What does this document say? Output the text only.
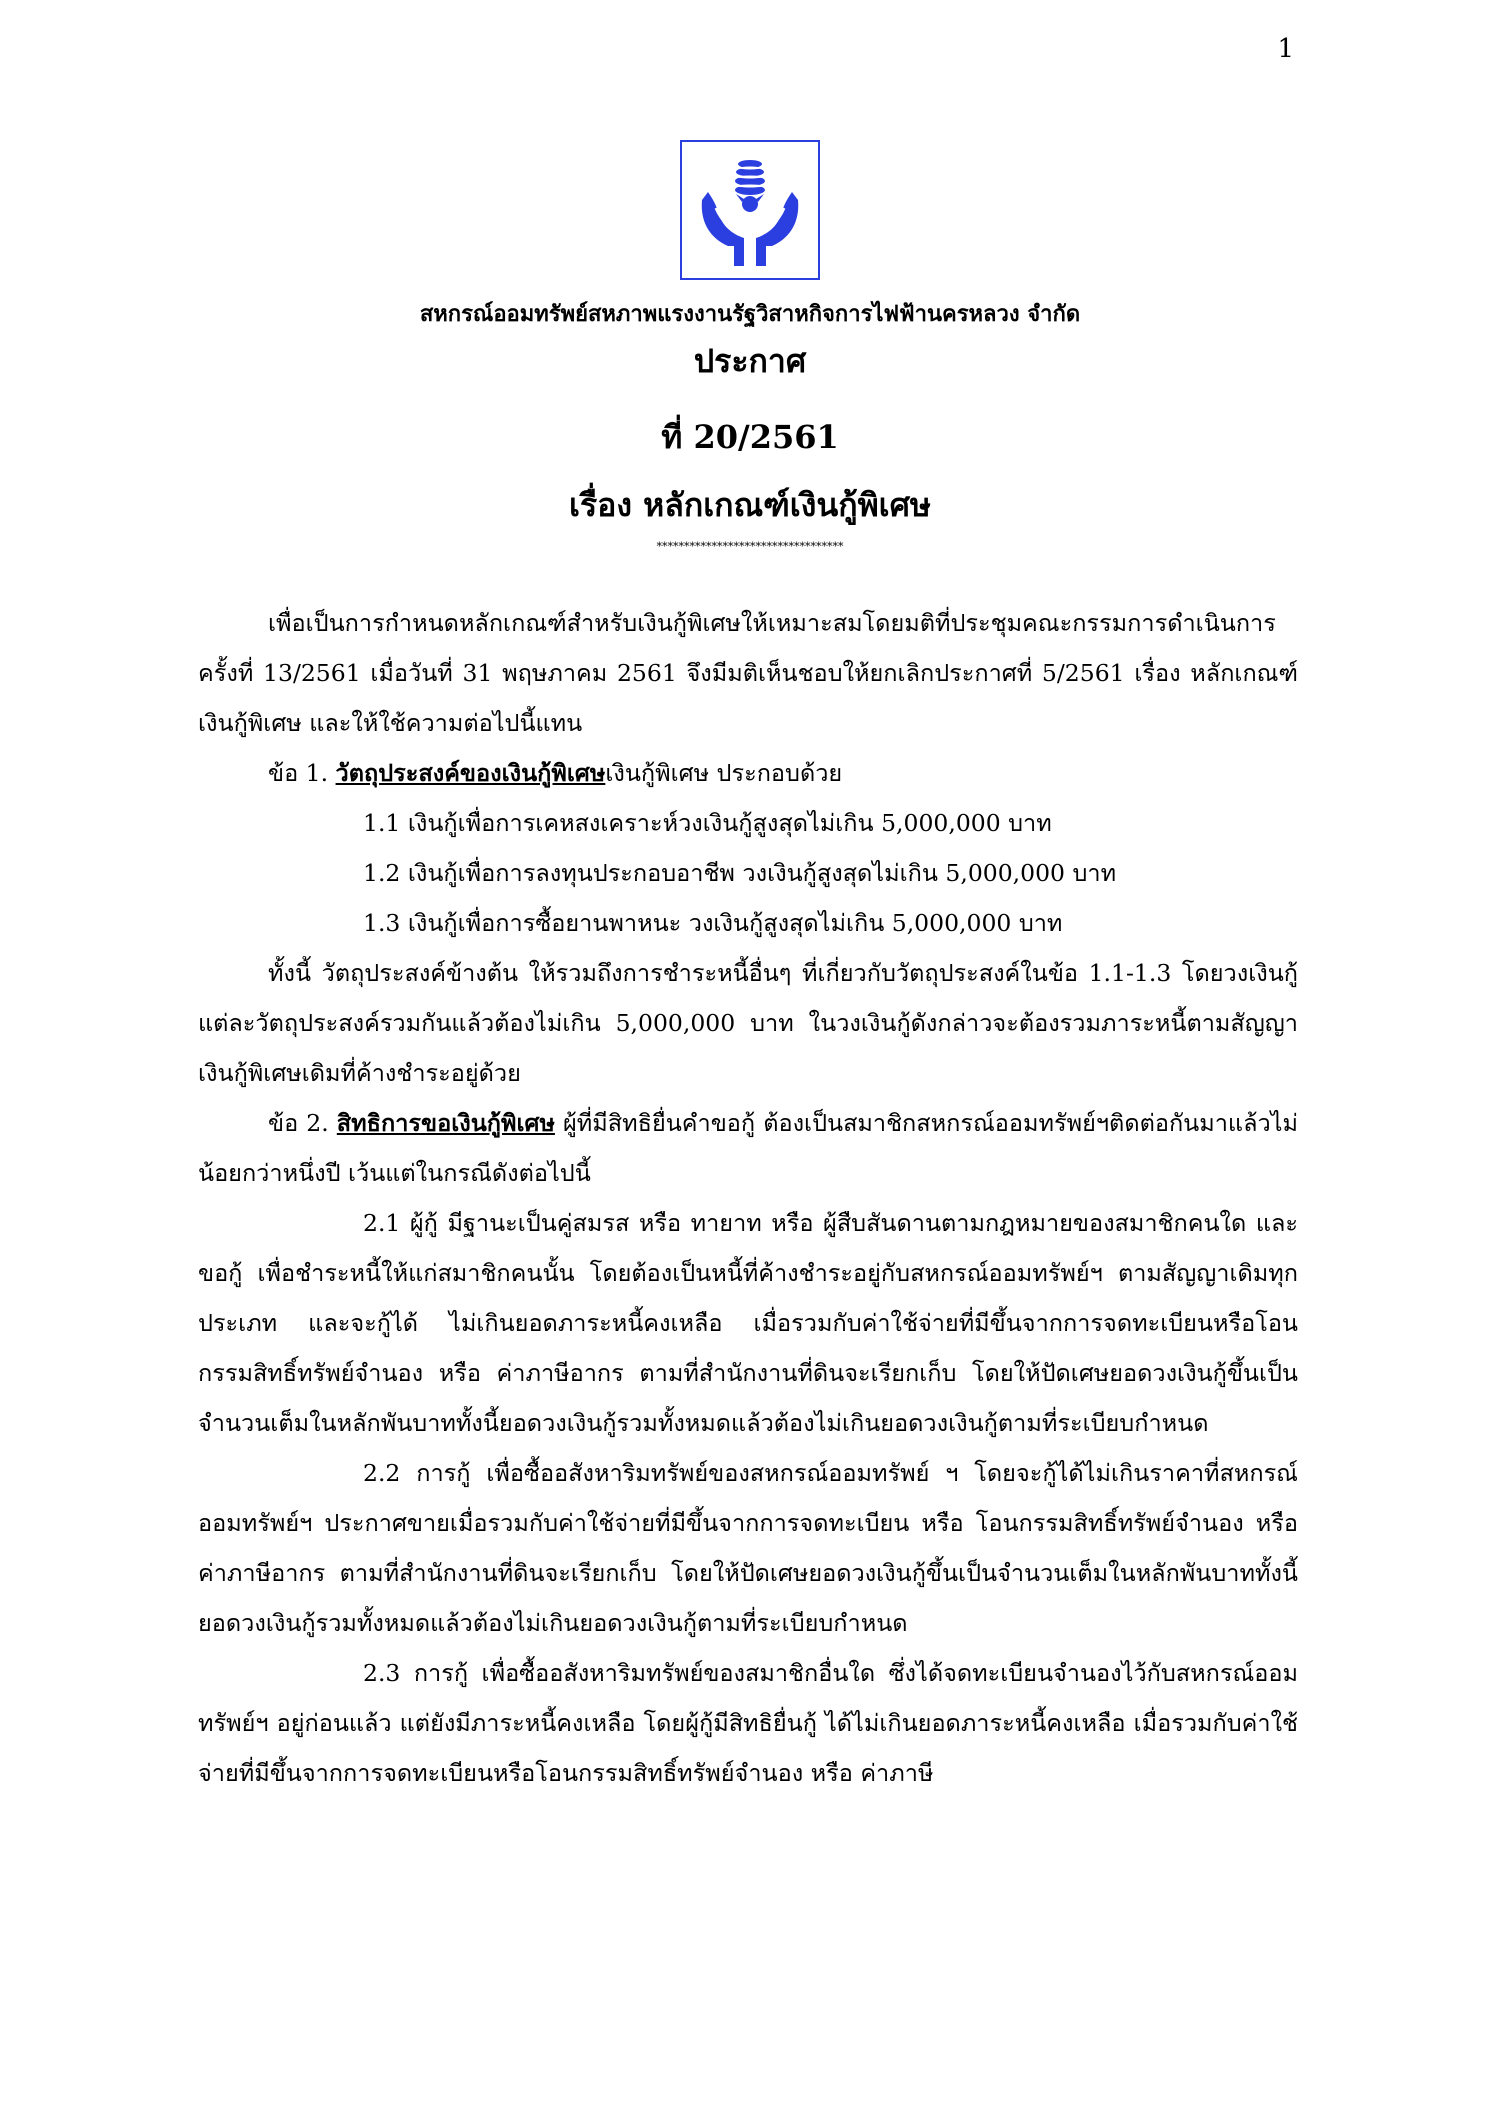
1
สหกรณ์ออมทรัพย์สหภาพแรงงานรัฐวิสาหกิจการไฟฟ้านครหลวง จำกัด
ประกาศ
ที่ 20/2561
เรื่อง หลักเกณฑ์เงินกู้พิเศษ
**********************************

เพื่อเป็นการกำหนดหลักเกณฑ์สำหรับเงินกู้พิเศษให้เหมาะสมโดยมติที่ประชุมคณะกรรมการดำเนินการ ครั้งที่ 13/2561 เมื่อวันที่ 31 พฤษภาคม 2561 จึงมีมติเห็นชอบให้ยกเลิกประกาศที่ 5/2561 เรื่อง หลักเกณฑ์เงินกู้พิเศษ และให้ใช้ความต่อไปนี้แทน

ข้อ 1. วัตถุประสงค์ของเงินกู้พิเศษเงินกู้พิเศษ ประกอบด้วย

1.1 เงินกู้เพื่อการเคหสงเคราะห์วงเงินกู้สูงสุดไม่เกิน 5,000,000 บาท

1.2 เงินกู้เพื่อการลงทุนประกอบอาชีพ วงเงินกู้สูงสุดไม่เกิน 5,000,000 บาท

1.3 เงินกู้เพื่อการซื้อยานพาหนะ วงเงินกู้สูงสุดไม่เกิน 5,000,000 บาท

ทั้งนี้ วัตถุประสงค์ข้างต้น ให้รวมถึงการชำระหนี้อื่นๆ ที่เกี่ยวกับวัตถุประสงค์ในข้อ 1.1-1.3 โดยวงเงินกู้แต่ละวัตถุประสงค์รวมกันแล้วต้องไม่เกิน 5,000,000 บาท ในวงเงินกู้ดังกล่าวจะต้องรวมภาระหนี้ตามสัญญาเงินกู้พิเศษเดิมที่ค้างชำระอยู่ด้วย

ข้อ 2. สิทธิการขอเงินกู้พิเศษ ผู้ที่มีสิทธิยื่นคำขอกู้ ต้องเป็นสมาชิกสหกรณ์ออมทรัพย์ฯติดต่อกันมาแล้วไม่น้อยกว่าหนึ่งปี เว้นแต่ในกรณีดังต่อไปนี้

2.1 ผู้กู้ มีฐานะเป็นคู่สมรส หรือ ทายาท หรือ ผู้สืบสันดานตามกฎหมายของสมาชิกคนใด และขอกู้ เพื่อชำระหนี้ให้แก่สมาชิกคนนั้น โดยต้องเป็นหนี้ที่ค้างชำระอยู่กับสหกรณ์ออมทรัพย์ฯ ตามสัญญาเดิมทุกประเภท และจะกู้ได้ ไม่เกินยอดภาระหนี้คงเหลือ เมื่อรวมกับค่าใช้จ่ายที่มีขึ้นจากการจดทะเบียนหรือโอนกรรมสิทธิ์ทรัพย์จำนอง หรือ ค่าภาษีอากร ตามที่สำนักงานที่ดินจะเรียกเก็บ โดยให้ปัดเศษยอดวงเงินกู้ขึ้นเป็นจำนวนเต็มในหลักพันบาททั้งนี้ยอดวงเงินกู้รวมทั้งหมดแล้วต้องไม่เกินยอดวงเงินกู้ตามที่ระเบียบกำหนด

2.2 การกู้ เพื่อซื้ออสังหาริมทรัพย์ของสหกรณ์ออมทรัพย์ ฯ โดยจะกู้ได้ไม่เกินราคาที่สหกรณ์ออมทรัพย์ฯ ประกาศขายเมื่อรวมกับค่าใช้จ่ายที่มีขึ้นจากการจดทะเบียน หรือ โอนกรรมสิทธิ์ทรัพย์จำนอง หรือ ค่าภาษีอากร ตามที่สำนักงานที่ดินจะเรียกเก็บ โดยให้ปัดเศษยอดวงเงินกู้ขึ้นเป็นจำนวนเต็มในหลักพันบาททั้งนี้ยอดวงเงินกู้รวมทั้งหมดแล้วต้องไม่เกินยอดวงเงินกู้ตามที่ระเบียบกำหนด

2.3 การกู้ เพื่อซื้ออสังหาริมทรัพย์ของสมาชิกอื่นใด ซึ่งได้จดทะเบียนจำนองไว้กับสหกรณ์ออมทรัพย์ฯ อยู่ก่อนแล้ว แต่ยังมีภาระหนี้คงเหลือ โดยผู้กู้มีสิทธิยื่นกู้ ได้ไม่เกินยอดภาระหนี้คงเหลือ เมื่อรวมกับค่าใช้จ่ายที่มีขึ้นจากการจดทะเบียนหรือโอนกรรมสิทธิ์ทรัพย์จำนอง หรือ ค่าภาษี
